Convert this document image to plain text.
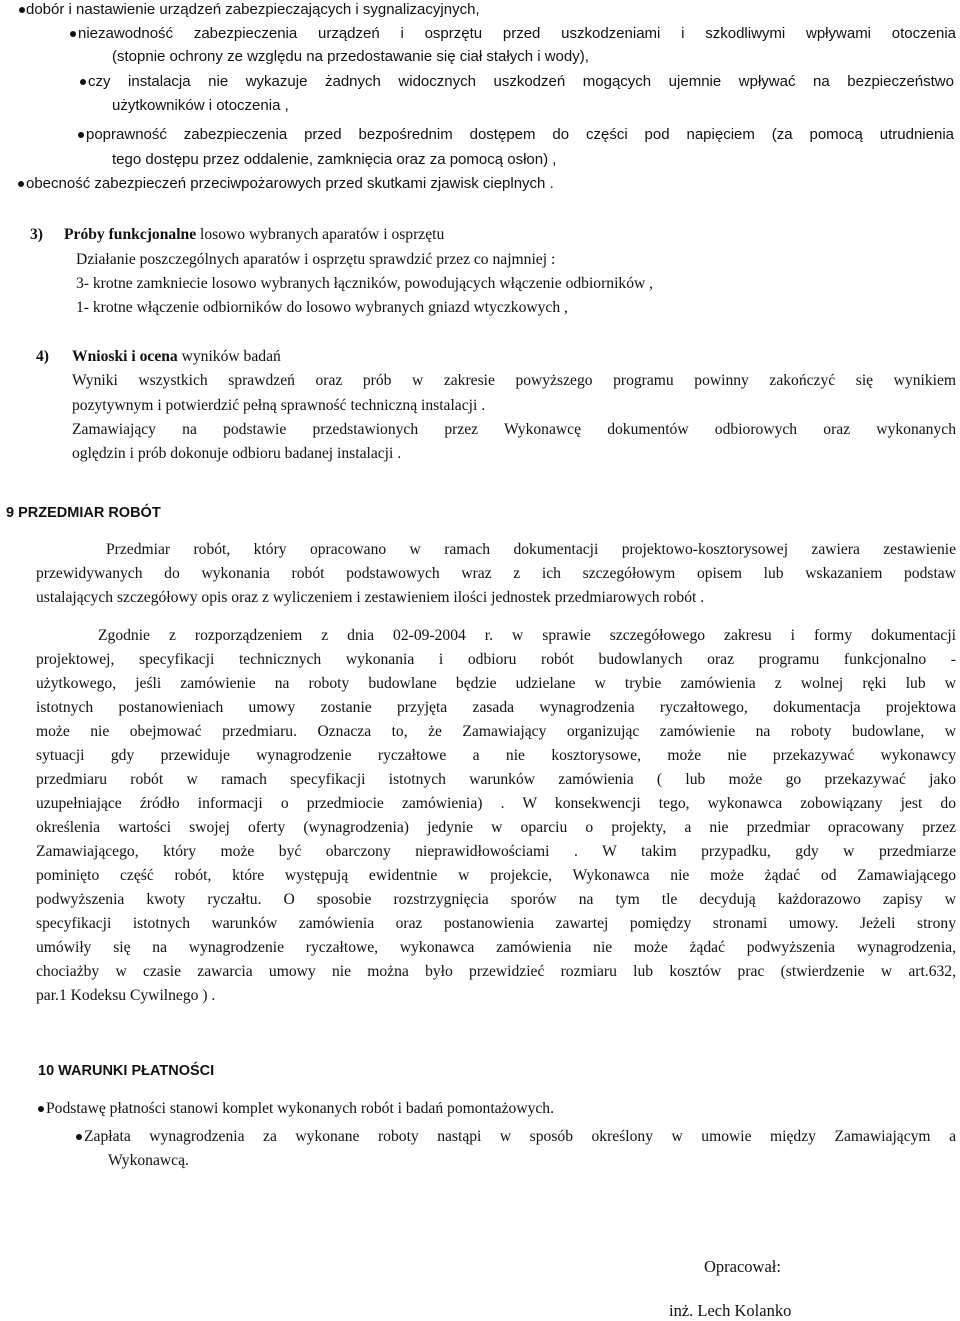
dobór i nastawienie urządzeń zabezpieczających i sygnalizacyjnych,
niezawodność zabezpieczenia urządzeń i osprzętu przed uszkodzeniami i szkodliwymi wpływami otoczenia
(stopnie ochrony ze względu na przedostawanie się ciał stałych i wody),
czy instalacja nie wykazuje żadnych widocznych uszkodzeń mogących ujemnie wpływać na bezpieczeństwo
użytkowników i otoczenia ,
poprawność zabezpieczenia przed bezpośrednim dostępem do części pod napięciem (za pomocą utrudnienia
tego dostępu przez oddalenie, zamknięcia oraz za pomocą osłon) ,
obecność zabezpieczeń przeciwpożarowych przed skutkami zjawisk cieplnych .
3) Próby funkcjonalne losowo wybranych aparatów i osprzętu
Działanie poszczególnych aparatów i osprzętu sprawdzić przez co najmniej :
3- krotne zamkniecie losowo wybranych łączników, powodujących włączenie odbiorników ,
1- krotne włączenie odbiorników do losowo wybranych gniazd wtyczkowych ,
4) Wnioski i ocena wyników badań
Wyniki wszystkich sprawdzeń oraz prób w zakresie powyższego programu powinny zakończyć się wynikiem
pozytywnym i potwierdzić pełną sprawność techniczną instalacji .
Zamawiający na podstawie przedstawionych przez Wykonawcę dokumentów odbiorowych oraz wykonanych
oględzin i prób dokonuje odbioru badanej instalacji .
9 PRZEDMIAR ROBÓT
Przedmiar robót, który opracowano w ramach dokumentacji projektowo-kosztorysowej zawiera zestawienie
przewidywanych do wykonania robót podstawowych wraz z ich szczegółowym opisem lub wskazaniem podstaw
ustalających szczegółowy opis oraz z wyliczeniem i zestawieniem ilości jednostek przedmiarowych robót .
Zgodnie z rozporządzeniem z dnia 02-09-2004 r. w sprawie szczegółowego zakresu i formy dokumentacji
projektowej, specyfikacji technicznych wykonania i odbioru robót budowlanych oraz programu funkcjonalno -
użytkowego, jeśli zamówienie na roboty budowlane będzie udzielane w trybie zamówienia z wolnej ręki lub w
istotnych postanowieniach umowy zostanie przyjęta zasada wynagrodzenia ryczałtowego, dokumentacja projektowa
może nie obejmować przedmiaru. Oznacza to, że Zamawiający organizując zamówienie na roboty budowlane, w
sytuacji gdy przewiduje wynagrodzenie ryczałtowe a nie kosztorysowe, może nie przekazywać wykonawcy
przedmiaru robót w ramach specyfikacji istotnych warunków zamówienia ( lub może go przekazywać jako
uzupełniające źródło informacji o przedmiocie zamówienia) . W konsekwencji tego, wykonawca zobowiązany jest do
określenia wartości swojej oferty (wynagrodzenia) jedynie w oparciu o projekty, a nie przedmiar opracowany przez
Zamawiającego, który może być obarczony nieprawidłowościami . W takim przypadku, gdy w przedmiarze
pominięto część robót, które występują ewidentnie w projekcie, Wykonawca nie może żądać od Zamawiającego
podwyższenia kwoty ryczałtu. O sposobie rozstrzygnięcia sporów na tym tle decydują każdorazowo zapisy w
specyfikacji istotnych warunków zamówienia oraz postanowienia zawartej pomiędzy stronami umowy. Jeżeli strony
umówiły się na wynagrodzenie ryczałtowe, wykonawca zamówienia nie może żądać podwyższenia wynagrodzenia,
chociażby w czasie zawarcia umowy nie można było przewidzieć rozmiaru lub kosztów prac (stwierdzenie w art.632,
par.1 Kodeksu Cywilnego ) .
10 WARUNKI PŁATNOŚCI
Podstawę płatności stanowi komplet wykonanych robót i badań pomontażowych.
Zapłata wynagrodzenia za wykonane roboty nastąpi w sposób określony w umowie między Zamawiającym a
Wykonawcą.
Opracował:
inż. Lech Kolanko
